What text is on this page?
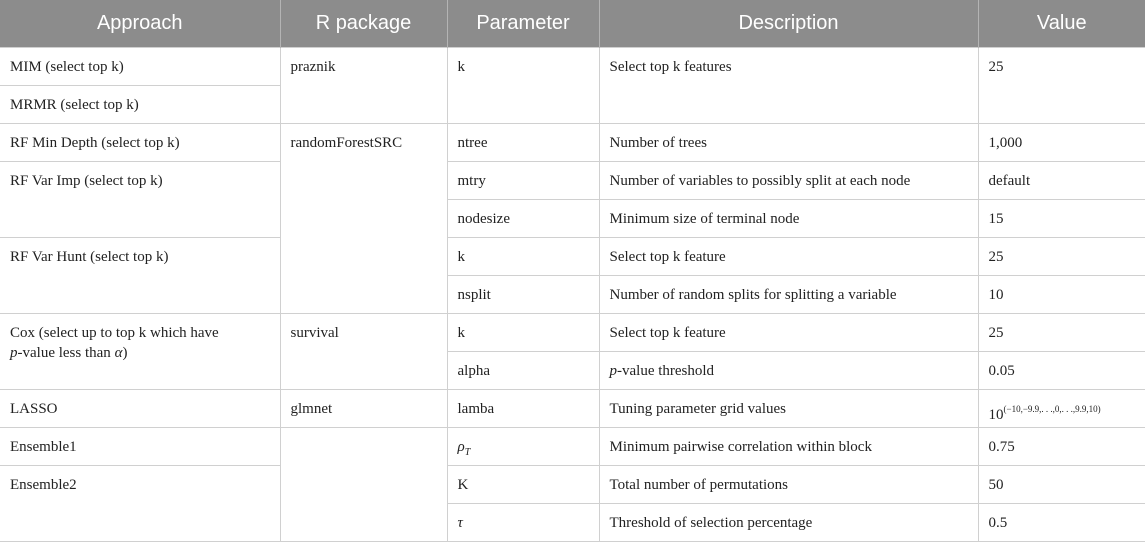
Approach	R package	Parameter	Description	Value

MIM (select top k)	praznik	k	Select top k features	25

MRMR (select top k)				

RF Min Depth (select top k)	randomForestSRC	ntree	Number of trees	1,000

RF Var Imp (select top k)		mtry	Number of variables to possibly split at each node	default

		nodesize	Minimum size of terminal node	15

RF Var Hunt (select top k)		k	Select top k feature	25

		nsplit	Number of random splits for splitting a variable	10

Cox (select up to top k which have
p-value less than α)	survival	k	Select top k feature	25

		alpha	p-value threshold	0.05

LASSO	glmnet	lamba	Tuning parameter grid values	$10^{(-10,-9.9,. . .,0,. . .,9.9,10)}$

Ensemble1		$\rho_T$	Minimum pairwise correlation within block	0.75

Ensemble2		K	Total number of permutations	50

		τ	Threshold of selection percentage	0.5
